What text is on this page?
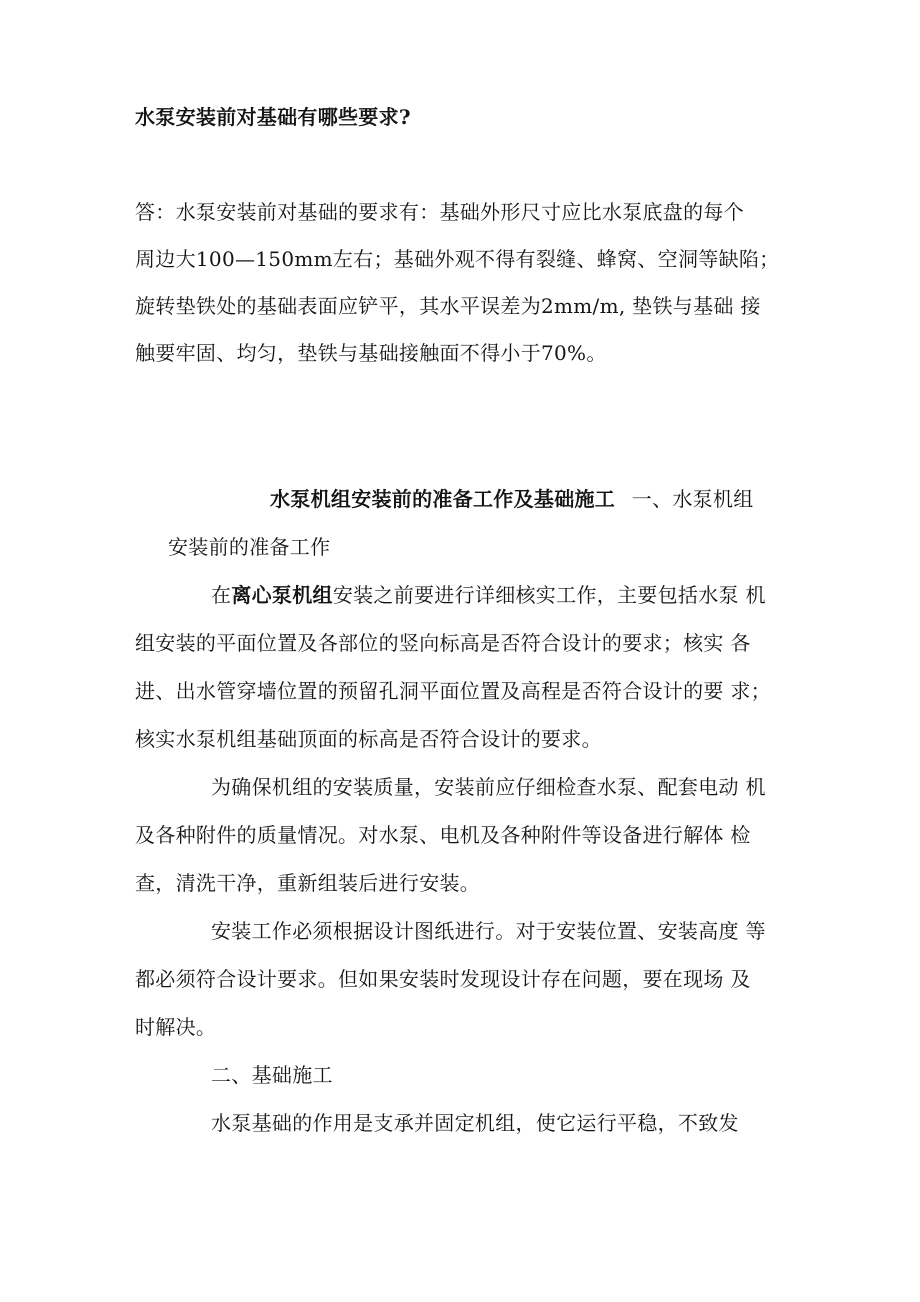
水泵安装前对基础有哪些要求?
答：水泵安装前对基础的要求有：基础外形尺寸应比水泵底盘的每个
周边大100—150mm左右；基础外观不得有裂缝、蜂窝、空洞等缺陷；
旋转垫铁处的基础表面应铲平，其水平误差为2mm/m, 垫铁与基础 接
触要牢固、均匀，垫铁与基础接触面不得小于70%。
水泵机组安装前的准备工作及基础施工 一、水泵机组
安装前的准备工作
在离心泵机组安装之前要进行详细核实工作，主要包括水泵 机
组安装的平面位置及各部位的竖向标高是否符合设计的要求；核实 各
进、出水管穿墙位置的预留孔洞平面位置及高程是否符合设计的要 求；
核实水泵机组基础顶面的标高是否符合设计的要求。
为确保机组的安装质量，安装前应仔细检查水泵、配套电动 机
及各种附件的质量情况。对水泵、电机及各种附件等设备进行解体 检
查，清洗干净，重新组装后进行安装。
安装工作必须根据设计图纸进行。对于安装位置、安装高度 等
都必须符合设计要求。但如果安装时发现设计存在问题，要在现场 及
时解决。
二、基础施工
水泵基础的作用是支承并固定机组，使它运行平稳，不致发
